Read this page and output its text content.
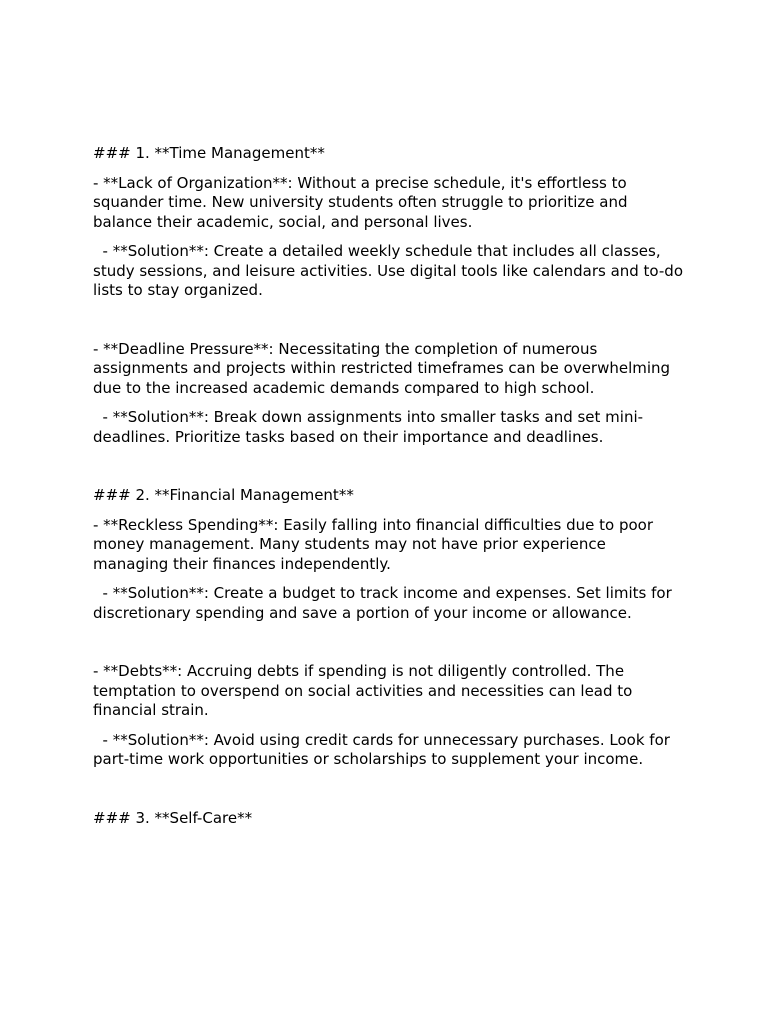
### 1. **Time Management**

- **Lack of Organization**: Without a precise schedule, it's effortless to squander time. New university students often struggle to prioritize and balance their academic, social, and personal lives.

- **Solution**: Create a detailed weekly schedule that includes all classes, study sessions, and leisure activities. Use digital tools like calendars and to-do lists to stay organized.

- **Deadline Pressure**: Necessitating the completion of numerous assignments and projects within restricted timeframes can be overwhelming due to the increased academic demands compared to high school.

- **Solution**: Break down assignments into smaller tasks and set mini-deadlines. Prioritize tasks based on their importance and deadlines.

### 2. **Financial Management**

- **Reckless Spending**: Easily falling into financial difficulties due to poor money management. Many students may not have prior experience managing their finances independently.

- **Solution**: Create a budget to track income and expenses. Set limits for discretionary spending and save a portion of your income or allowance.

- **Debts**: Accruing debts if spending is not diligently controlled. The temptation to overspend on social activities and necessities can lead to financial strain.

- **Solution**: Avoid using credit cards for unnecessary purchases. Look for part-time work opportunities or scholarships to supplement your income.

### 3. **Self-Care**
